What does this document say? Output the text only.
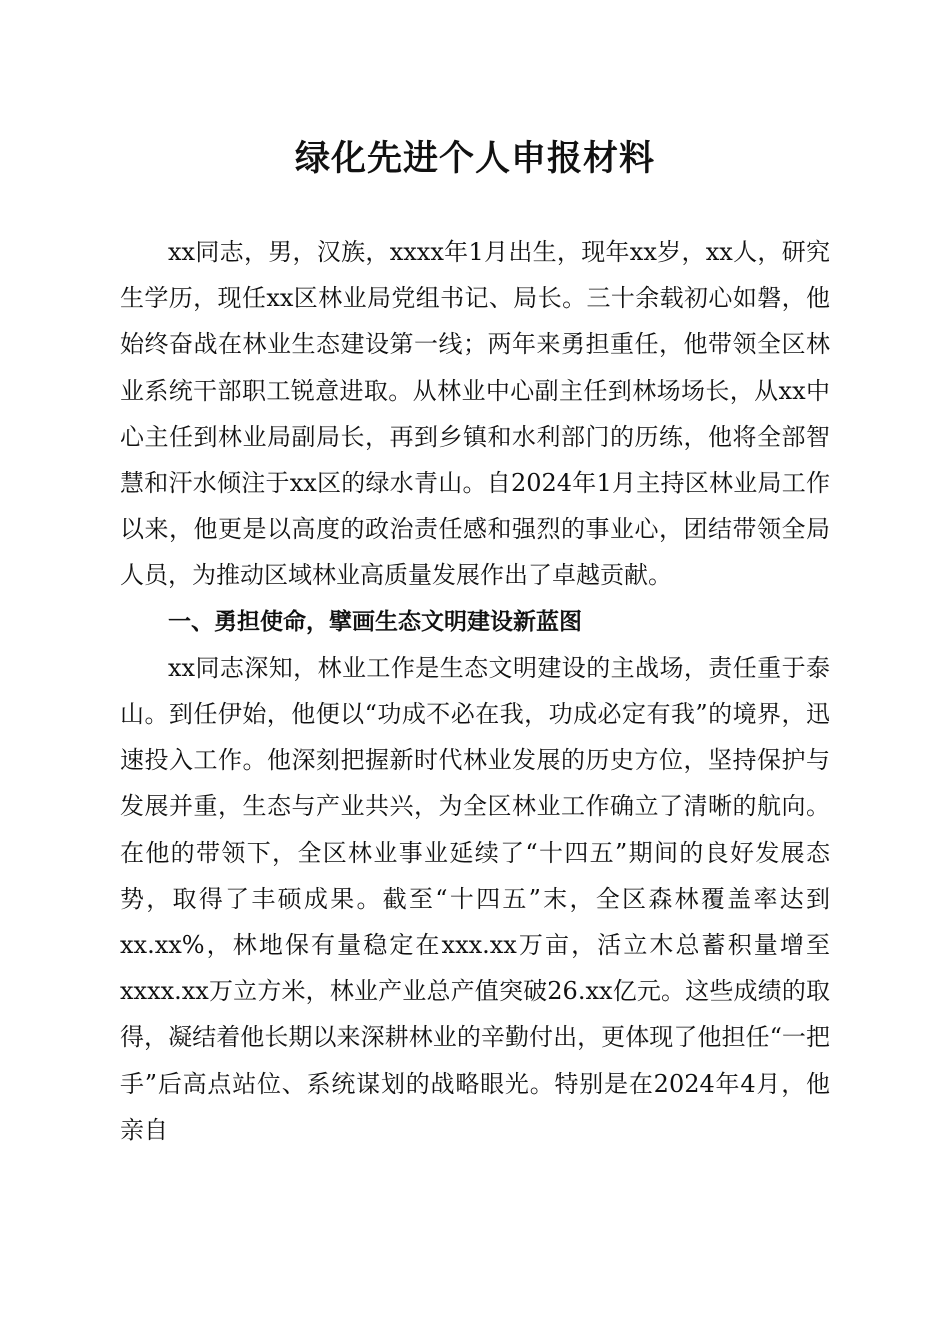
绿化先进个人申报材料

xx同志，男，汉族，xxxx年1月出生，现年xx岁，xx人，研究生学历，现任xx区林业局党组书记、局长。三十余载初心如磐，他始终奋战在林业生态建设第一线；两年来勇担重任，他带领全区林业系统干部职工锐意进取。从林业中心副主任到林场场长，从xx中心主任到林业局副局长，再到乡镇和水利部门的历练，他将全部智慧和汗水倾注于xx区的绿水青山。自2024年1月主持区林业局工作以来，他更是以高度的政治责任感和强烈的事业心，团结带领全局人员，为推动区域林业高质量发展作出了卓越贡献。

一、勇担使命，擘画生态文明建设新蓝图

xx同志深知，林业工作是生态文明建设的主战场，责任重于泰山。到任伊始，他便以“功成不必在我，功成必定有我”的境界，迅速投入工作。他深刻把握新时代林业发展的历史方位，坚持保护与发展并重，生态与产业共兴，为全区林业工作确立了清晰的航向。在他的带领下，全区林业事业延续了“十四五”期间的良好发展态势，取得了丰硕成果。截至“十四五”末，全区森林覆盖率达到xx.xx%，林地保有量稳定在xxx.xx万亩，活立木总蓄积量增至xxxx.xx万立方米，林业产业总产值突破26.xx亿元。这些成绩的取得，凝结着他长期以来深耕林业的辛勤付出，更体现了他担任“一把手”后高点站位、系统谋划的战略眼光。特别是在2024年4月，他亲自
